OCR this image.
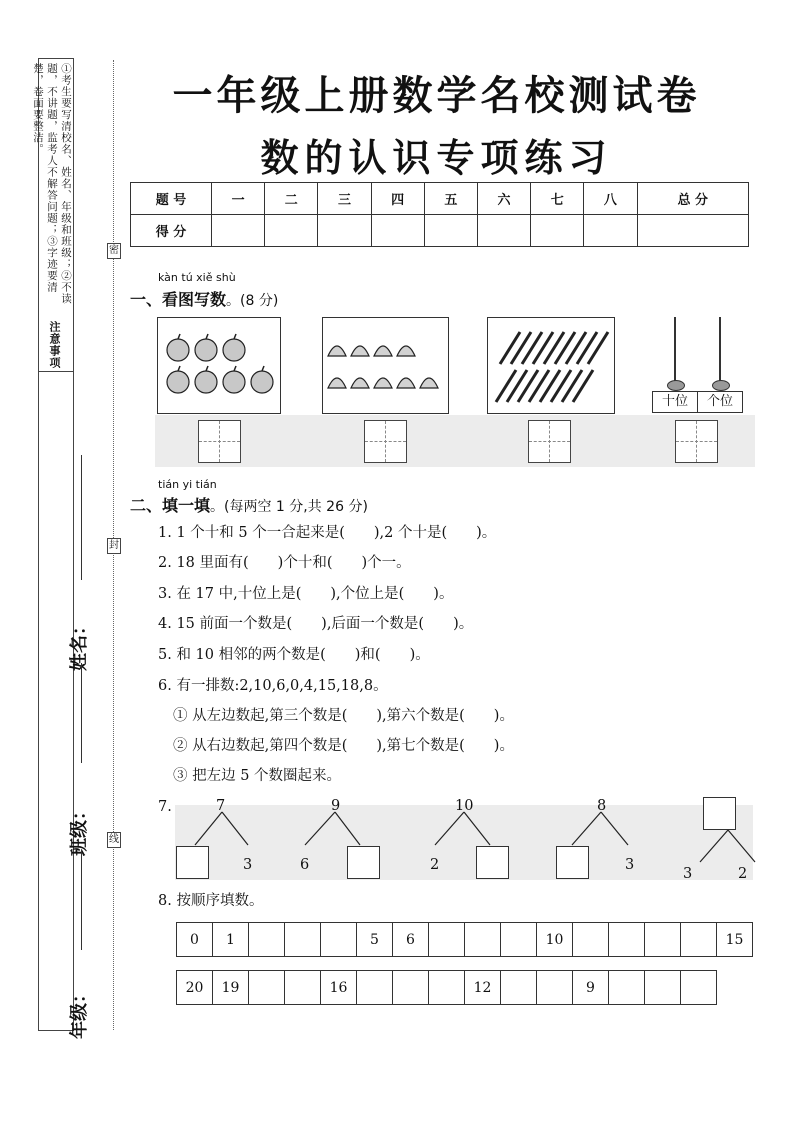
①考生要写清校名、姓名、年级和班级；②不读题，不讲题，监考人不解答问题；③字迹要清楚，卷面要整洁。
注意事项
姓名：
班级：
年级：
密
封
线
一年级上册数学名校测试卷
数的认识专项练习
题 号	一	二	三	四	五	六	七	八	总 分
得 分									
kàn tú xiě shù
一、看图写数。(8 分)
十位	个位
tián yi tián
二、填一填。(每两空 1 分,共 26 分)
1. 1 个十和 5 个一合起来是(　　),2 个十是(　　)。
2. 18 里面有(　　)个十和(　　)个一。
3. 在 17 中,十位上是(　　),个位上是(　　)。
4. 15 前面一个数是(　　),后面一个数是(　　)。
5. 和 10 相邻的两个数是(　　)和(　　)。
6. 有一排数:2,10,6,0,4,15,18,8。
① 从左边数起,第三个数是(　　),第六个数是(　　)。
② 从右边数起,第四个数是(　　),第七个数是(　　)。
③ 把左边 5 个数圈起来。
7.	7
3
9
6
10
2
8
3
3	2
8. 按顺序填数。
0	1				5	6				10					15
20	19			16				12			9			
